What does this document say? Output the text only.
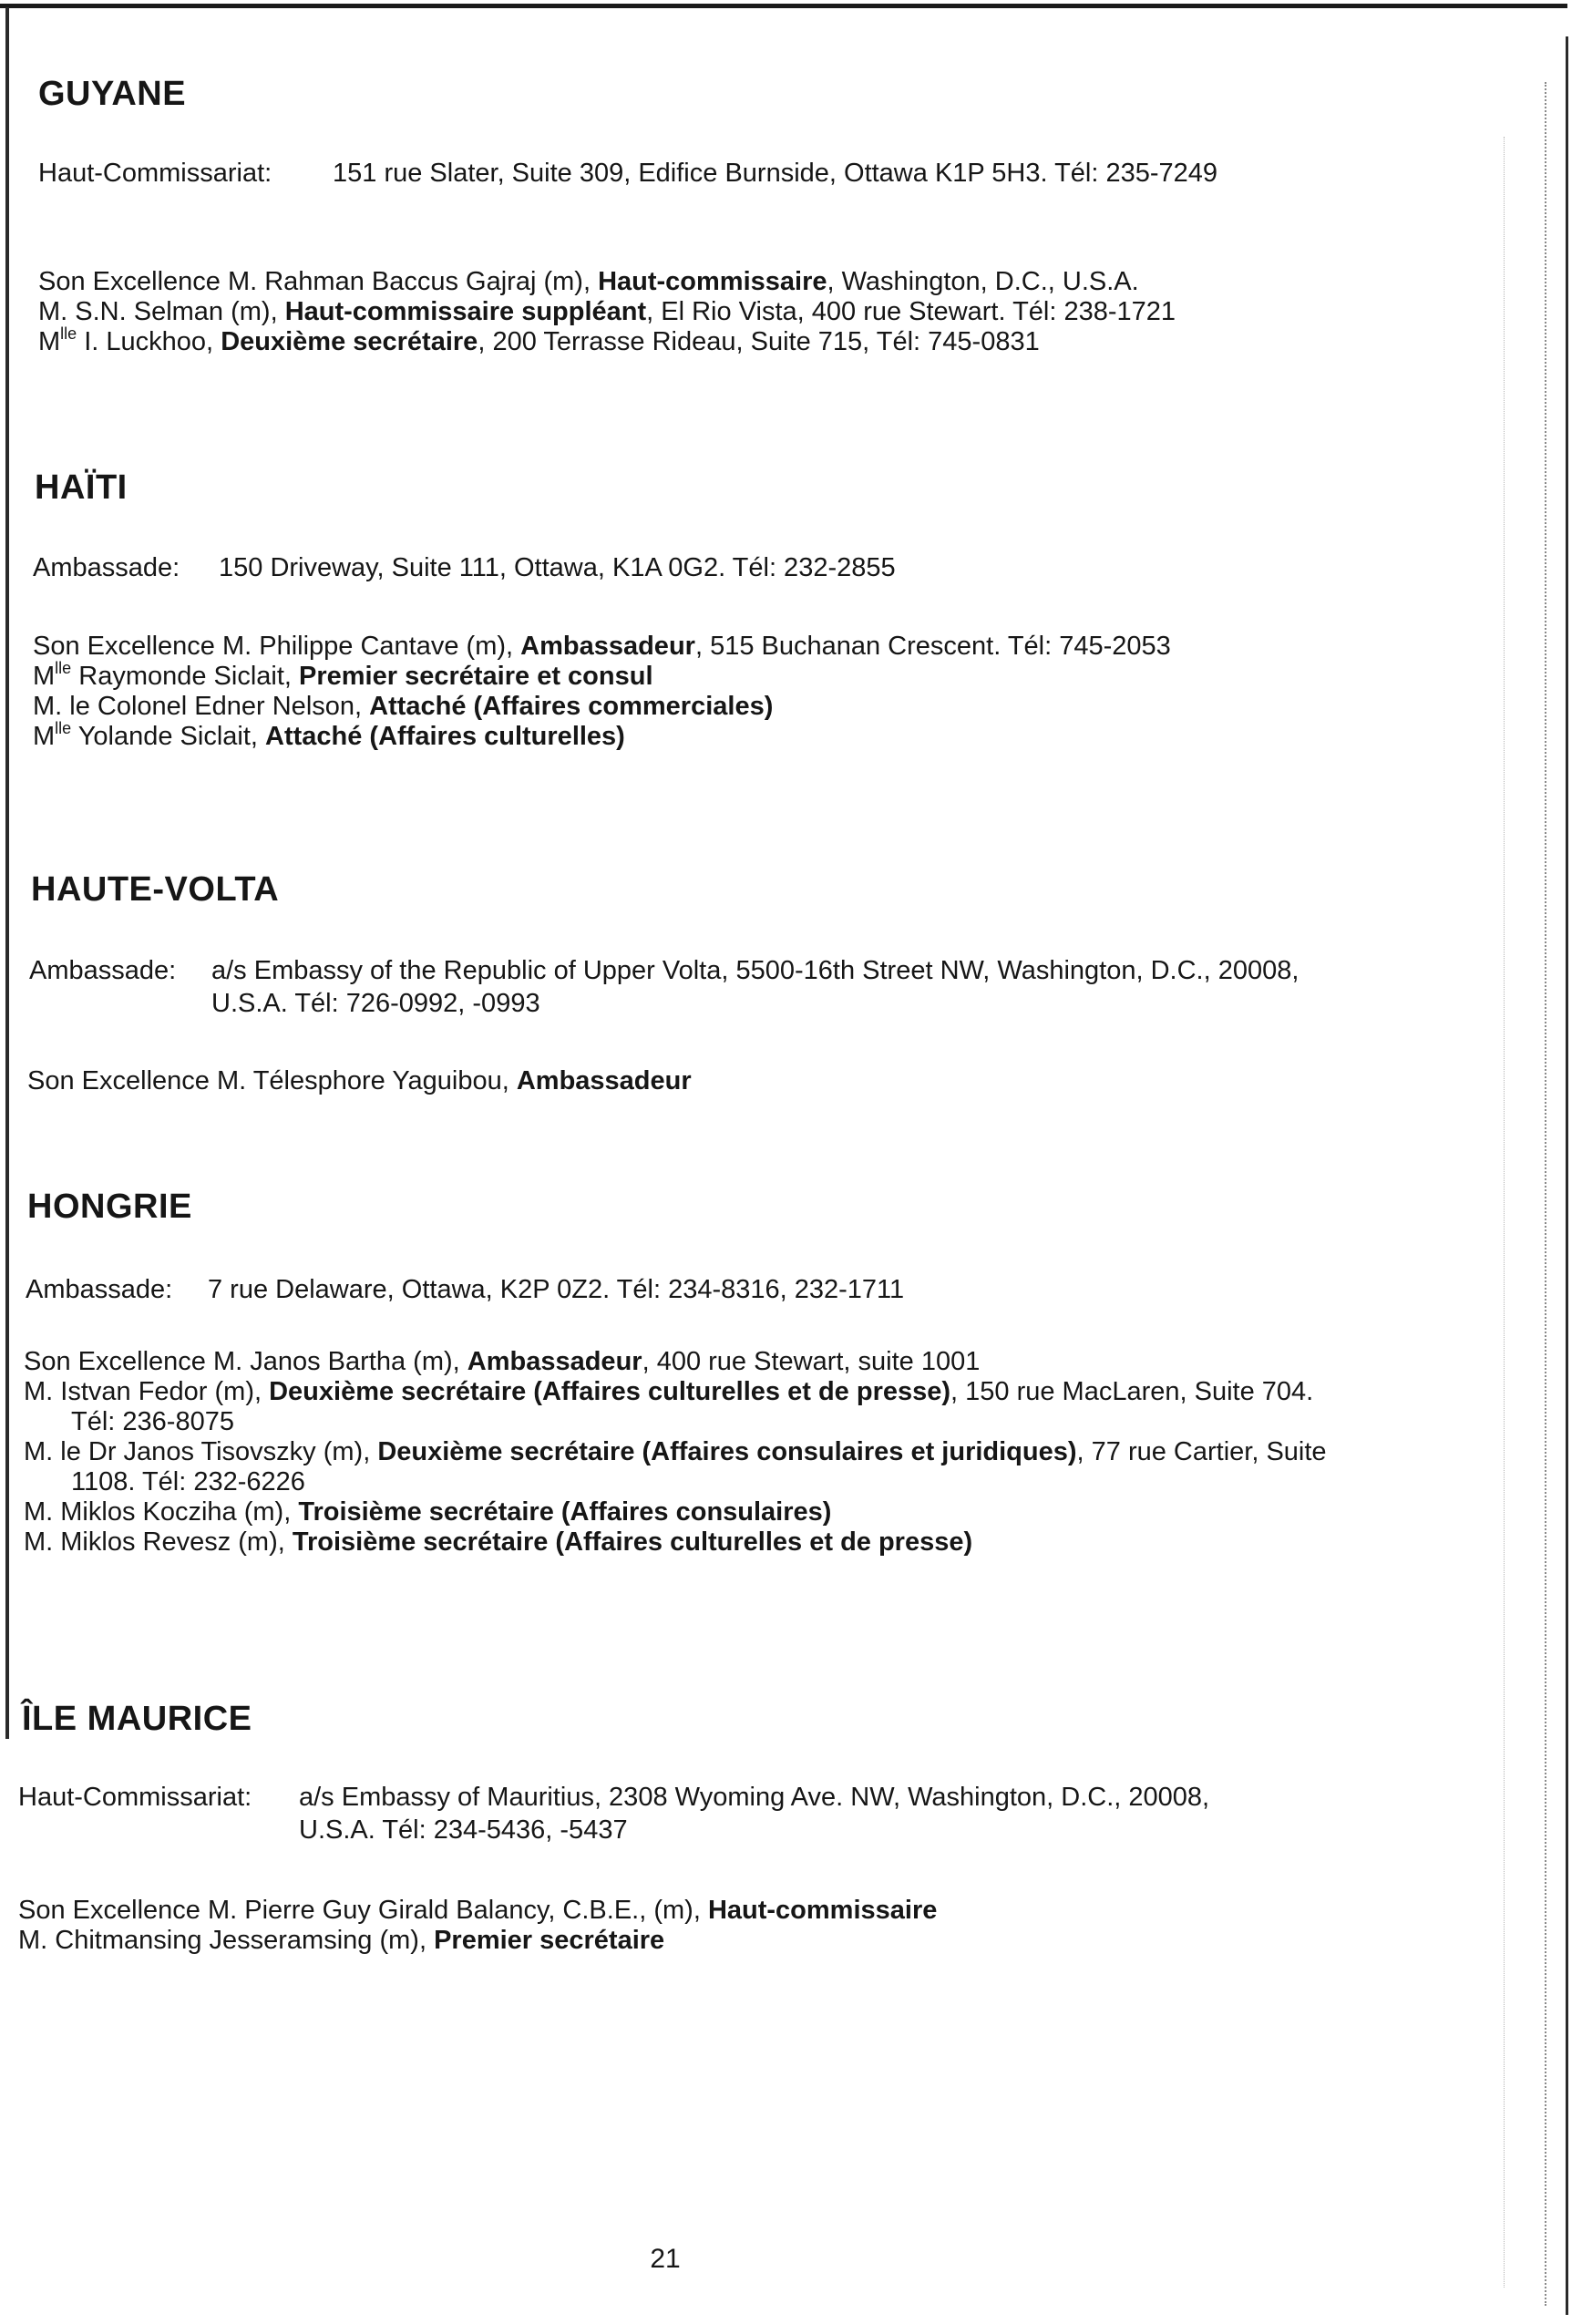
GUYANE
Haut-Commissariat: 151 rue Slater, Suite 309, Edifice Burnside, Ottawa K1P 5H3. Tél: 235-7249
Son Excellence M. Rahman Baccus Gajraj (m), Haut-commissaire, Washington, D.C., U.S.A.
M. S.N. Selman (m), Haut-commissaire suppléant, El Rio Vista, 400 rue Stewart. Tél: 238-1721
$M^{lle}$ I. Luckhoo, Deuxième secrétaire, 200 Terrasse Rideau, Suite 715, Tél: 745-0831
HAÏTI
Ambassade: 150 Driveway, Suite 111, Ottawa, K1A 0G2. Tél: 232-2855
Son Excellence M. Philippe Cantave (m), Ambassadeur, 515 Buchanan Crescent. Tél: 745-2053
$M^{lle}$ Raymonde Siclait, Premier secrétaire et consul
M. le Colonel Edner Nelson, Attaché (Affaires commerciales)
$M^{lle}$ Yolande Siclait, Attaché (Affaires culturelles)
HAUTE-VOLTA
Ambassade: a/s Embassy of the Republic of Upper Volta, 5500-16th Street NW, Washington, D.C., 20008, U.S.A. Tél: 726-0992, -0993
Son Excellence M. Télesphore Yaguibou, Ambassadeur
HONGRIE
Ambassade: 7 rue Delaware, Ottawa, K2P 0Z2. Tél: 234-8316, 232-1711
Son Excellence M. Janos Bartha (m), Ambassadeur, 400 rue Stewart, suite 1001
M. Istvan Fedor (m), Deuxième secrétaire (Affaires culturelles et de presse), 150 rue MacLaren, Suite 704. Tél: 236-8075
M. le Dr Janos Tisovszky (m), Deuxième secrétaire (Affaires consulaires et juridiques), 77 rue Cartier, Suite 1108. Tél: 232-6226
M. Miklos Kocziha (m), Troisième secrétaire (Affaires consulaires)
M. Miklos Revesz (m), Troisième secrétaire (Affaires culturelles et de presse)
ÎLE MAURICE
Haut-Commissariat: a/s Embassy of Mauritius, 2308 Wyoming Ave. NW, Washington, D.C., 20008, U.S.A. Tél: 234-5436, -5437
Son Excellence M. Pierre Guy Girald Balancy, C.B.E., (m), Haut-commissaire
M. Chitmansing Jesseramsing (m), Premier secrétaire
21
